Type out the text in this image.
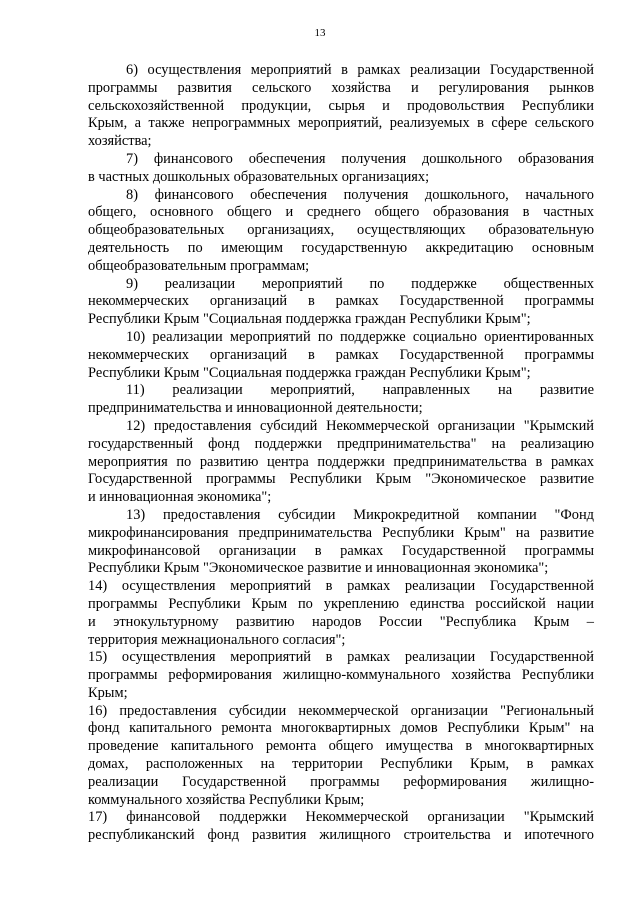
13
6) осуществления мероприятий в рамках реализации Государственной
программы развития сельского хозяйства и регулирования рынков
сельскохозяйственной продукции, сырья и продовольствия Республики
Крым, а также непрограммных мероприятий, реализуемых в сфере сельского
хозяйства;
7) финансового обеспечения получения дошкольного образования
в частных дошкольных образовательных организациях;
8) финансового обеспечения получения дошкольного, начального
общего, основного общего и среднего общего образования в частных
общеобразовательных организациях, осуществляющих образовательную
деятельность по имеющим государственную аккредитацию основным
общеобразовательным программам;
9) реализации мероприятий по поддержке общественных
некоммерческих организаций в рамках Государственной программы
Республики Крым "Социальная поддержка граждан Республики Крым";
10) реализации мероприятий по поддержке социально ориентированных
некоммерческих организаций в рамках Государственной программы
Республики Крым "Социальная поддержка граждан Республики Крым";
11) реализации мероприятий, направленных на развитие
предпринимательства и инновационной деятельности;
12) предоставления субсидий Некоммерческой организации "Крымский
государственный фонд поддержки предпринимательства" на реализацию
мероприятия по развитию центра поддержки предпринимательства в рамках
Государственной программы Республики Крым "Экономическое развитие
и инновационная экономика";
13) предоставления субсидии Микрокредитной компании "Фонд
микрофинансирования предпринимательства Республики Крым" на развитие
микрофинансовой организации в рамках Государственной программы
Республики Крым "Экономическое развитие и инновационная экономика";
14) осуществления мероприятий в рамках реализации Государственной
программы Республики Крым по укреплению единства российской нации
и этнокультурному развитию народов России "Республика Крым –
территория межнационального согласия";
15) осуществления мероприятий в рамках реализации Государственной
программы реформирования жилищно-коммунального хозяйства Республики
Крым;
16) предоставления субсидии некоммерческой организации "Региональный
фонд капитального ремонта многоквартирных домов Республики Крым" на
проведение капитального ремонта общего имущества в многоквартирных
домах, расположенных на территории Республики Крым, в рамках
реализации Государственной программы реформирования жилищно-
коммунального хозяйства Республики Крым;
17) финансовой поддержки Некоммерческой организации "Крымский
республиканский фонд развития жилищного строительства и ипотечного
